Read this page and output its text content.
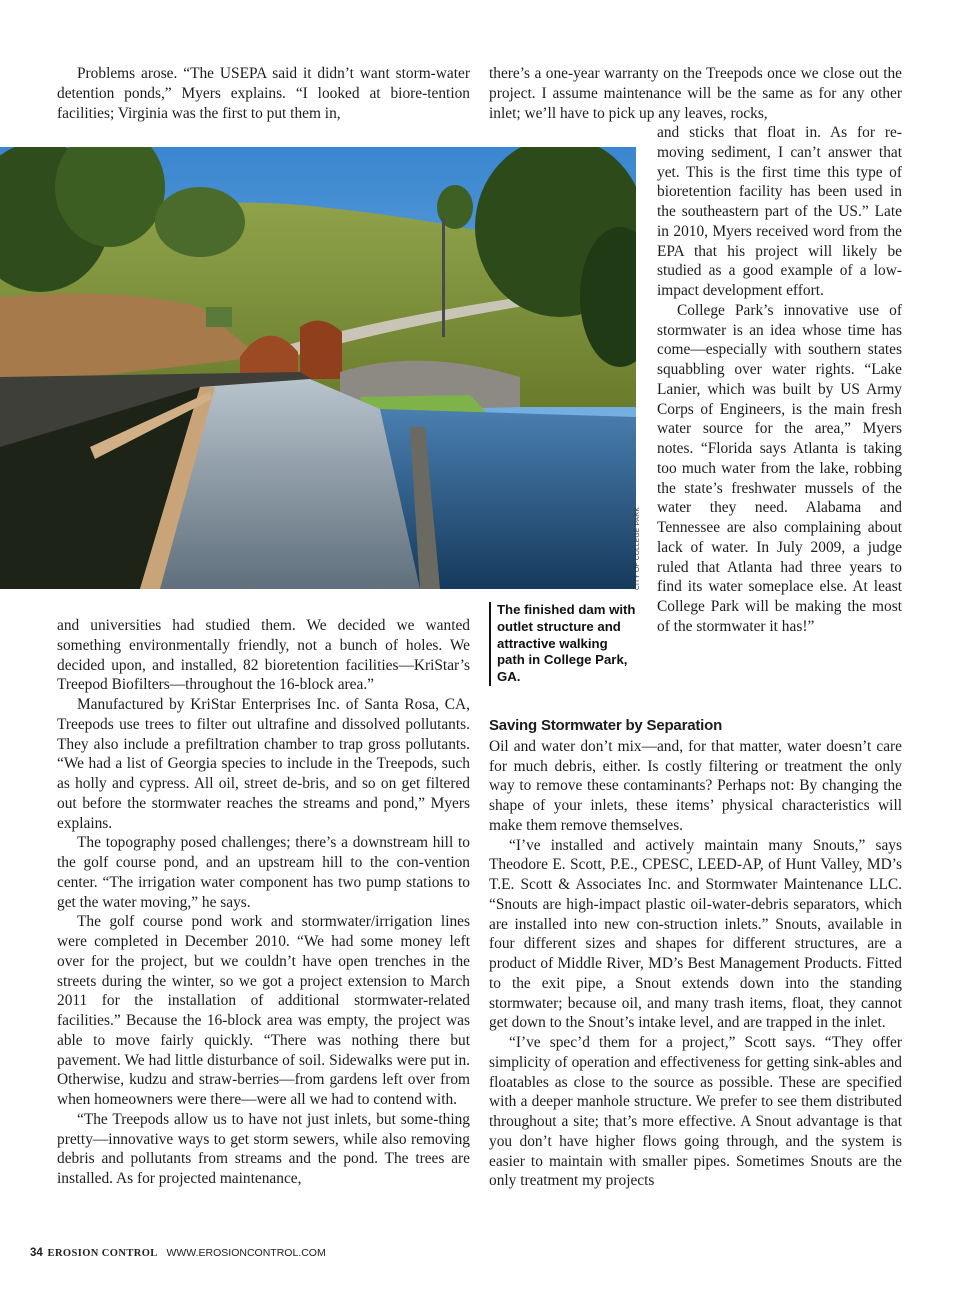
Problems arose. “The USEPA said it didn’t want storm-water detention ponds,” Myers explains. “I looked at biore-tention facilities; Virginia was the first to put them in,

CITY OF COLLEGE PARK
The finished dam with outlet structure and attractive walking path in College Park, GA.

and universities had studied them. We decided we wanted something environmentally friendly, not a bunch of holes. We decided upon, and installed, 82 bioretention facilities—KriStar’s Treepod Biofilters—throughout the 16-block area.”

Manufactured by KriStar Enterprises Inc. of Santa Rosa, CA, Treepods use trees to filter out ultrafine and dissolved pollutants. They also include a prefiltration chamber to trap gross pollutants. “We had a list of Georgia species to include in the Treepods, such as holly and cypress. All oil, street de-bris, and so on get filtered out before the stormwater reaches the streams and pond,” Myers explains.

The topography posed challenges; there’s a downstream hill to the golf course pond, and an upstream hill to the con-vention center. “The irrigation water component has two pump stations to get the water moving,” he says.

The golf course pond work and stormwater/irrigation lines were completed in December 2010. “We had some money left over for the project, but we couldn’t have open trenches in the streets during the winter, so we got a project extension to March 2011 for the installation of additional stormwater-related facilities.” Because the 16-block area was empty, the project was able to move fairly quickly. “There was nothing there but pavement. We had little disturbance of soil. Sidewalks were put in. Otherwise, kudzu and straw-berries—from gardens left over from when homeowners were there—were all we had to contend with.

“The Treepods allow us to have not just inlets, but some-thing pretty—innovative ways to get storm sewers, while also removing debris and pollutants from streams and the pond. The trees are installed. As for projected maintenance,

there’s a one-year warranty on the Treepods once we close out the project. I assume maintenance will be the same as for any other inlet; we’ll have to pick up any leaves, rocks,

and sticks that float in. As for re-moving sediment, I can’t answer that yet. This is the first time this type of bioretention facility has been used in the southeastern part of the US.” Late in 2010, Myers received word from the EPA that his project will likely be studied as a good example of a low-impact development effort.

College Park’s innovative use of stormwater is an idea whose time has come—especially with southern states squabbling over water rights. “Lake Lanier, which was built by US Army Corps of Engineers, is the main fresh water source for the area,” Myers notes. “Florida says Atlanta is taking too much water from the lake, robbing the state’s freshwater mussels of the water they need. Alabama and Tennessee are also complaining about lack of water. In July 2009, a judge ruled that Atlanta had three years to find its water someplace else. At least College Park will be making the most of the stormwater it has!”

Saving Stormwater by Separation

Oil and water don’t mix—and, for that matter, water doesn’t care for much debris, either. Is costly filtering or treatment the only way to remove these contaminants? Perhaps not: By changing the shape of your inlets, these items’ physical characteristics will make them remove themselves.

“I’ve installed and actively maintain many Snouts,” says Theodore E. Scott, P.E., CPESC, LEED-AP, of Hunt Valley, MD’s T.E. Scott & Associates Inc. and Stormwater Maintenance LLC. “Snouts are high-impact plastic oil-water-debris separators, which are installed into new con-struction inlets.” Snouts, available in four different sizes and shapes for different structures, are a product of Middle River, MD’s Best Management Products. Fitted to the exit pipe, a Snout extends down into the standing stormwater; because oil, and many trash items, float, they cannot get down to the Snout’s intake level, and are trapped in the inlet.

“I’ve spec’d them for a project,” Scott says. “They offer simplicity of operation and effectiveness for getting sink-ables and floatables as close to the source as possible. These are specified with a deeper manhole structure. We prefer to see them distributed throughout a site; that’s more effective. A Snout advantage is that you don’t have higher flows going through, and the system is easier to maintain with smaller pipes. Sometimes Snouts are the only treatment my projects

34 EROSION CONTROL WWW.EROSIONCONTROL.COM
